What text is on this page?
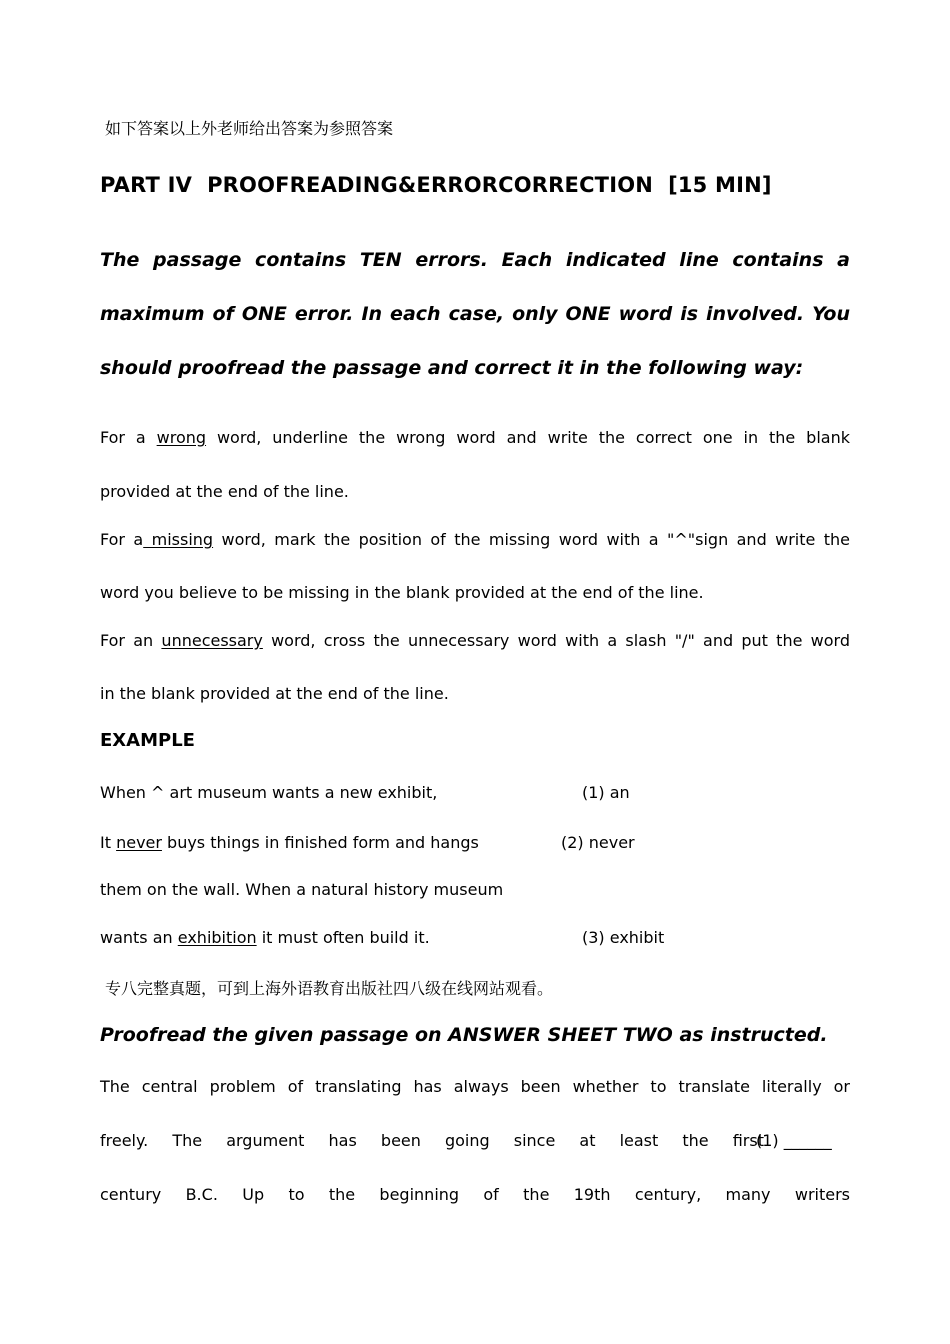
如下答案以上外老师给出答案为参照答案
PART IV  PROOFREADING&ERRORCORRECTION  [15 MIN]
The passage contains TEN errors. Each indicated line contains a maximum of ONE error. In each case, only ONE word is involved. You should proofread the passage and correct it in the following way:
For a wrong word, underline the wrong word and write the correct one in the blank
provided at the end of the line.
For a missing word, mark the position of the missing word with a "^"sign and write the
word you believe to be missing in the blank provided at the end of the line.
For an unnecessary word, cross the unnecessary word with a slash "/" and put the word
in the blank provided at the end of the line.
EXAMPLE
When ^ art museum wants a new exhibit,	(1) an
It never buys things in finished form and hangs	(2) never
them on the wall. When a natural history museum
wants an exhibition it must often build it.	(3) exhibit
专八完整真题，可到上海外语教育出版社四八级在线网站观看。
Proofread the given passage on ANSWER SHEET TWO as instructed.
The central problem of translating has always been whether to translate literally or
freely. The argument has been going since at least the first
(1) ______
century B.C. Up to the beginning of the 19th century, many writers
